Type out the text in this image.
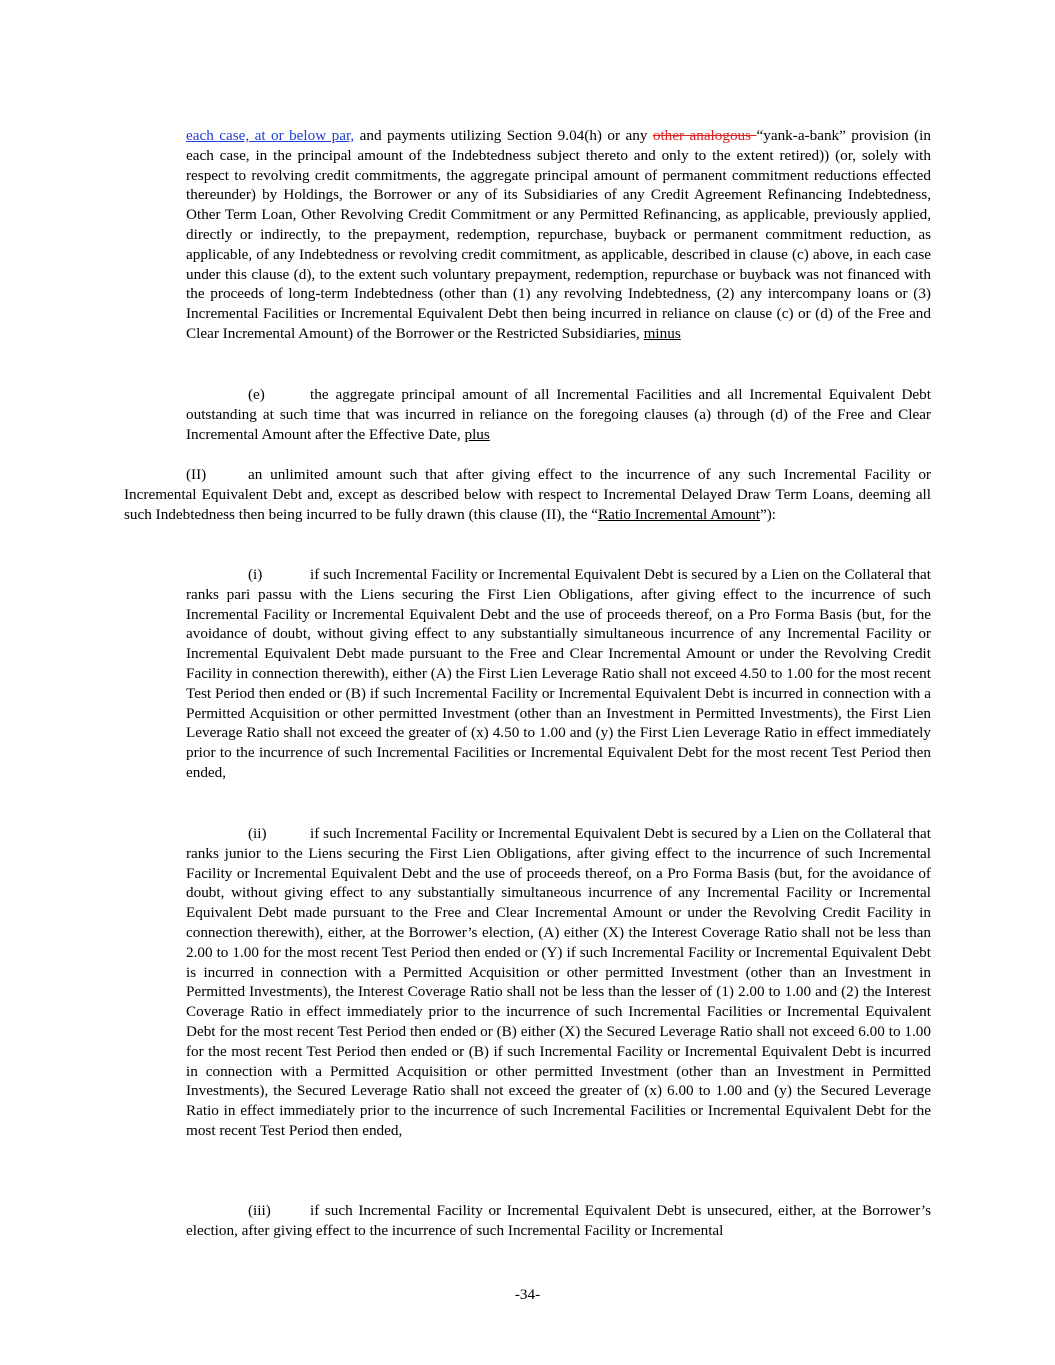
each case, at or below par, and payments utilizing Section 9.04(h) or any other analogous “yank-a-bank” provision (in each case, in the principal amount of the Indebtedness subject thereto and only to the extent retired)) (or, solely with respect to revolving credit commitments, the aggregate principal amount of permanent commitment reductions effected thereunder) by Holdings, the Borrower or any of its Subsidiaries of any Credit Agreement Refinancing Indebtedness, Other Term Loan, Other Revolving Credit Commitment or any Permitted Refinancing, as applicable, previously applied, directly or indirectly, to the prepayment, redemption, repurchase, buyback or permanent commitment reduction, as applicable, of any Indebtedness or revolving credit commitment, as applicable, described in clause (c) above, in each case under this clause (d), to the extent such voluntary prepayment, redemption, repurchase or buyback was not financed with the proceeds of long-term Indebtedness (other than (1) any revolving Indebtedness, (2) any intercompany loans or (3) Incremental Facilities or Incremental Equivalent Debt then being incurred in reliance on clause (c) or (d) of the Free and Clear Incremental Amount) of the Borrower or the Restricted Subsidiaries, minus

(e)	the aggregate principal amount of all Incremental Facilities and all Incremental Equivalent Debt outstanding at such time that was incurred in reliance on the foregoing clauses (a) through (d) of the Free and Clear Incremental Amount after the Effective Date, plus

(II)	an unlimited amount such that after giving effect to the incurrence of any such Incremental Facility or Incremental Equivalent Debt and, except as described below with respect to Incremental Delayed Draw Term Loans, deeming all such Indebtedness then being incurred to be fully drawn (this clause (II), the “Ratio Incremental Amount”):

(i)	if such Incremental Facility or Incremental Equivalent Debt is secured by a Lien on the Collateral that ranks pari passu with the Liens securing the First Lien Obligations, after giving effect to the incurrence of such Incremental Facility or Incremental Equivalent Debt and the use of proceeds thereof, on a Pro Forma Basis (but, for the avoidance of doubt, without giving effect to any substantially simultaneous incurrence of any Incremental Facility or Incremental Equivalent Debt made pursuant to the Free and Clear Incremental Amount or under the Revolving Credit Facility in connection therewith), either (A) the First Lien Leverage Ratio shall not exceed 4.50 to 1.00 for the most recent Test Period then ended or (B) if such Incremental Facility or Incremental Equivalent Debt is incurred in connection with a Permitted Acquisition or other permitted Investment (other than an Investment in Permitted Investments), the First Lien Leverage Ratio shall not exceed the greater of (x) 4.50 to 1.00 and (y) the First Lien Leverage Ratio in effect immediately prior to the incurrence of such Incremental Facilities or Incremental Equivalent Debt for the most recent Test Period then ended,

(ii)	if such Incremental Facility or Incremental Equivalent Debt is secured by a Lien on the Collateral that ranks junior to the Liens securing the First Lien Obligations, after giving effect to the incurrence of such Incremental Facility or Incremental Equivalent Debt and the use of proceeds thereof, on a Pro Forma Basis (but, for the avoidance of doubt, without giving effect to any substantially simultaneous incurrence of any Incremental Facility or Incremental Equivalent Debt made pursuant to the Free and Clear Incremental Amount or under the Revolving Credit Facility in connection therewith), either, at the Borrower’s election, (A) either (X) the Interest Coverage Ratio shall not be less than 2.00 to 1.00 for the most recent Test Period then ended or (Y) if such Incremental Facility or Incremental Equivalent Debt is incurred in connection with a Permitted Acquisition or other permitted Investment (other than an Investment in Permitted Investments), the Interest Coverage Ratio shall not be less than the lesser of (1) 2.00 to 1.00 and (2) the Interest Coverage Ratio in effect immediately prior to the incurrence of such Incremental Facilities or Incremental Equivalent Debt for the most recent Test Period then ended or (B) either (X) the Secured Leverage Ratio shall not exceed 6.00 to 1.00 for the most recent Test Period then ended or (B) if such Incremental Facility or Incremental Equivalent Debt is incurred in connection with a Permitted Acquisition or other permitted Investment (other than an Investment in Permitted Investments), the Secured Leverage Ratio shall not exceed the greater of (x) 6.00 to 1.00 and (y) the Secured Leverage Ratio in effect immediately prior to the incurrence of such Incremental Facilities or Incremental Equivalent Debt for the most recent Test Period then ended,

(iii)	if such Incremental Facility or Incremental Equivalent Debt is unsecured, either, at the Borrower’s election, after giving effect to the incurrence of such Incremental Facility or Incremental

-34-
